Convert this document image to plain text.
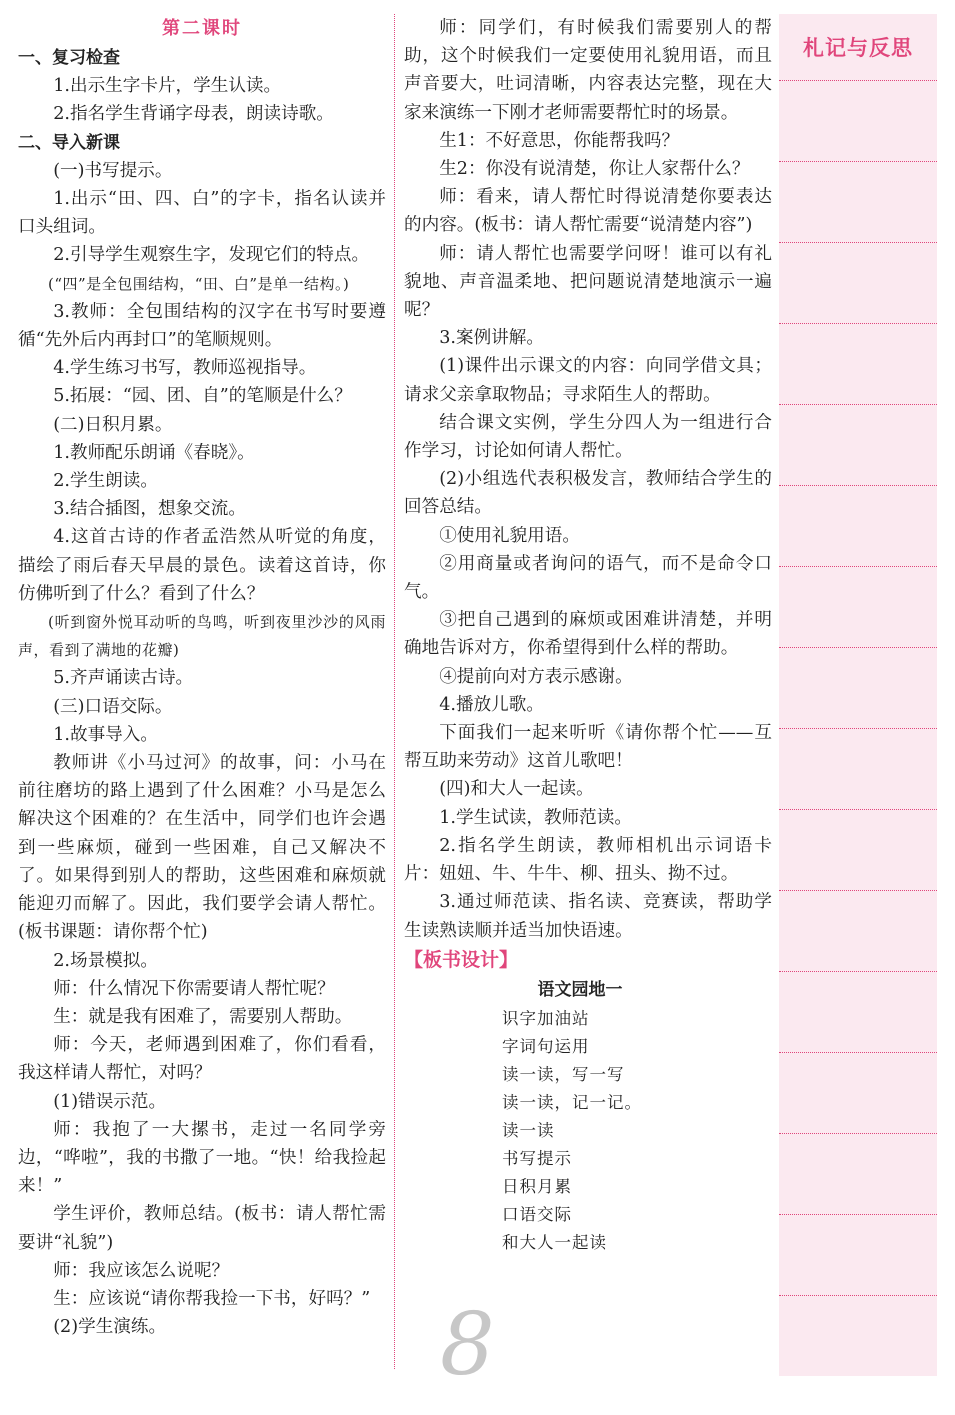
第二课时

一、复习检查

1.出示生字卡片，学生认读。

2.指名学生背诵字母表，朗读诗歌。

二、导入新课

(一)书写提示。

1.出示“田、四、白”的字卡，指名认读并口头组词。

2.引导学生观察生字，发现它们的特点。

(“四”是全包围结构，“田、白”是单一结构。)

3.教师：全包围结构的汉字在书写时要遵循“先外后内再封口”的笔顺规则。

4.学生练习书写，教师巡视指导。

5.拓展：“园、团、自”的笔顺是什么？

(二)日积月累。

1.教师配乐朗诵《春晓》。

2.学生朗读。

3.结合插图，想象交流。

4.这首古诗的作者孟浩然从听觉的角度，描绘了雨后春天早晨的景色。读着这首诗，你仿佛听到了什么？看到了什么？

(听到窗外悦耳动听的鸟鸣，听到夜里沙沙的风雨声，看到了满地的花瓣)

5.齐声诵读古诗。

(三)口语交际。

1.故事导入。

教师讲《小马过河》的故事，问：小马在前往磨坊的路上遇到了什么困难？小马是怎么解决这个困难的？在生活中，同学们也许会遇到一些麻烦，碰到一些困难，自己又解决不了。如果得到别人的帮助，这些困难和麻烦就能迎刃而解了。因此，我们要学会请人帮忙。(板书课题：请你帮个忙)

2.场景模拟。

师：什么情况下你需要请人帮忙呢？

生：就是我有困难了，需要别人帮助。

师：今天，老师遇到困难了，你们看看，我这样请人帮忙，对吗？

(1)错误示范。

师：我抱了一大摞书，走过一名同学旁边，“哗啦”，我的书撒了一地。“快！给我捡起来！”

学生评价，教师总结。(板书：请人帮忙需要讲“礼貌”)

师：我应该怎么说呢？

生：应该说“请你帮我捡一下书，好吗？”

(2)学生演练。

师：同学们，有时候我们需要别人的帮助，这个时候我们一定要使用礼貌用语，而且声音要大，吐词清晰，内容表达完整，现在大家来演练一下刚才老师需要帮忙时的场景。

生1：不好意思，你能帮我吗？

生2：你没有说清楚，你让人家帮什么？

师：看来，请人帮忙时得说清楚你要表达的内容。(板书：请人帮忙需要“说清楚内容”)

师：请人帮忙也需要学问呀！谁可以有礼貌地、声音温柔地、把问题说清楚地演示一遍呢？

3.案例讲解。

(1)课件出示课文的内容：向同学借文具；请求父亲拿取物品；寻求陌生人的帮助。

结合课文实例，学生分四人为一组进行合作学习，讨论如何请人帮忙。

(2)小组选代表积极发言，教师结合学生的回答总结。

①使用礼貌用语。

②用商量或者询问的语气，而不是命令口气。

③把自己遇到的麻烦或困难讲清楚，并明确地告诉对方，你希望得到什么样的帮助。

④提前向对方表示感谢。

4.播放儿歌。

下面我们一起来听听《请你帮个忙——互帮互助来劳动》这首儿歌吧！

(四)和大人一起读。

1.学生试读，教师范读。

2.指名学生朗读，教师相机出示词语卡片：妞妞、牛、牛牛、柳、扭头、拗不过。

3.通过师范读、指名读、竞赛读，帮助学生读熟读顺并适当加快语速。

【板书设计】
语文园地一
识字加油站
字词句运用
读一读，写一写
读一读，记一记。
读一读
书写提示
日积月累
口语交际
和大人一起读
札记与反思
8
